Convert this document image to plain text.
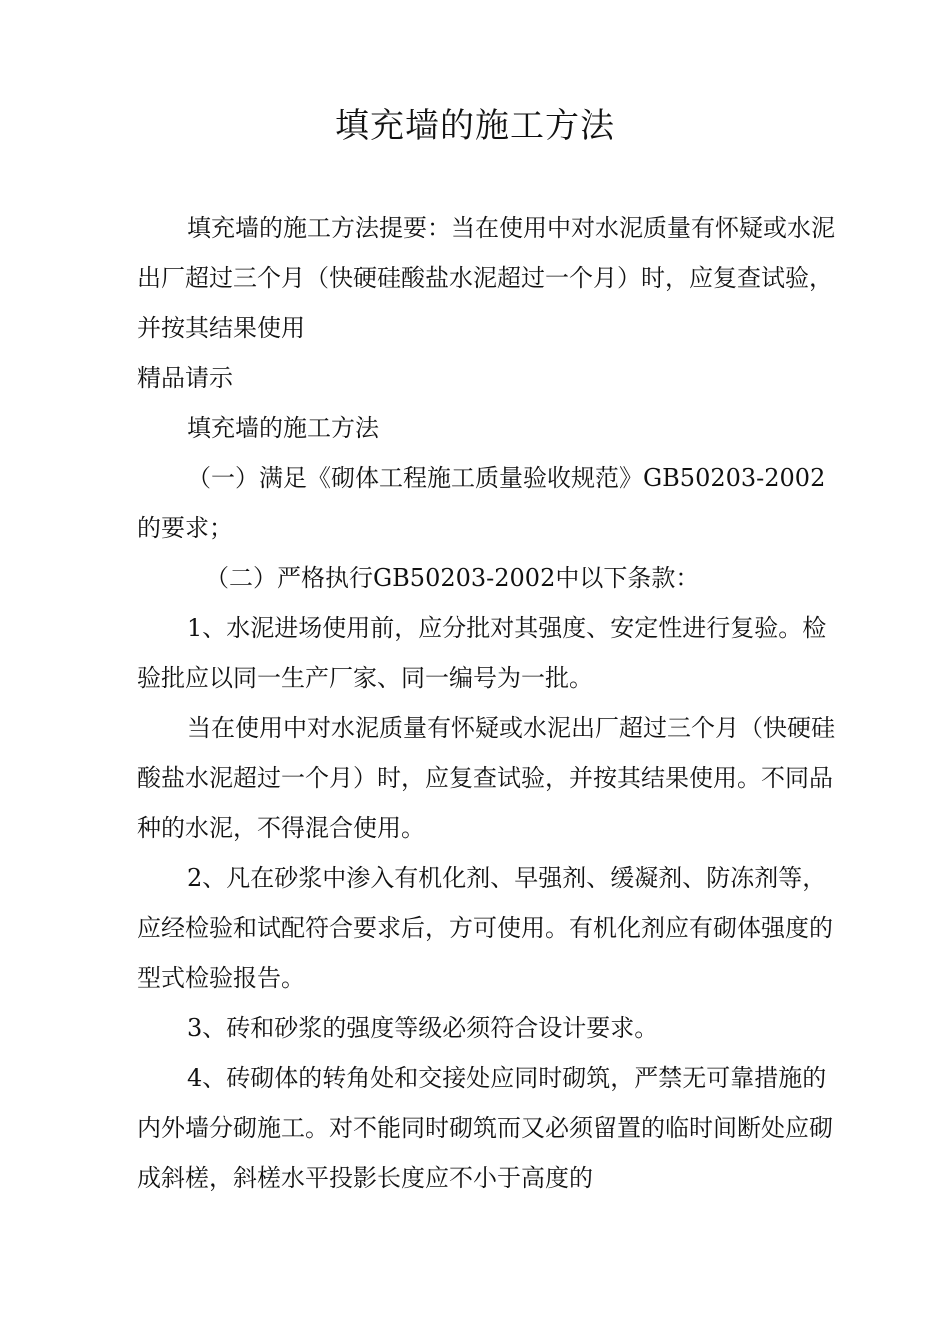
填充墙的施工方法

填充墙的施工方法提要：当在使用中对水泥质量有怀疑或水泥出厂超过三个月（快硬硅酸盐水泥超过一个月）时，应复查试验，并按其结果使用

精品请示

填充墙的施工方法

（一）满足《砌体工程施工质量验收规范》GB50203-2002的要求；

（二）严格执行GB50203-2002中以下条款：

1、水泥进场使用前，应分批对其强度、安定性进行复验。检验批应以同一生产厂家、同一编号为一批。

当在使用中对水泥质量有怀疑或水泥出厂超过三个月（快硬硅酸盐水泥超过一个月）时，应复查试验，并按其结果使用。不同品种的水泥，不得混合使用。

2、凡在砂浆中渗入有机化剂、早强剂、缓凝剂、防冻剂等，应经检验和试配符合要求后，方可使用。有机化剂应有砌体强度的型式检验报告。

3、砖和砂浆的强度等级必须符合设计要求。

4、砖砌体的转角处和交接处应同时砌筑，严禁无可靠措施的内外墙分砌施工。对不能同时砌筑而又必须留置的临时间断处应砌成斜槎，斜槎水平投影长度应不小于高度的
